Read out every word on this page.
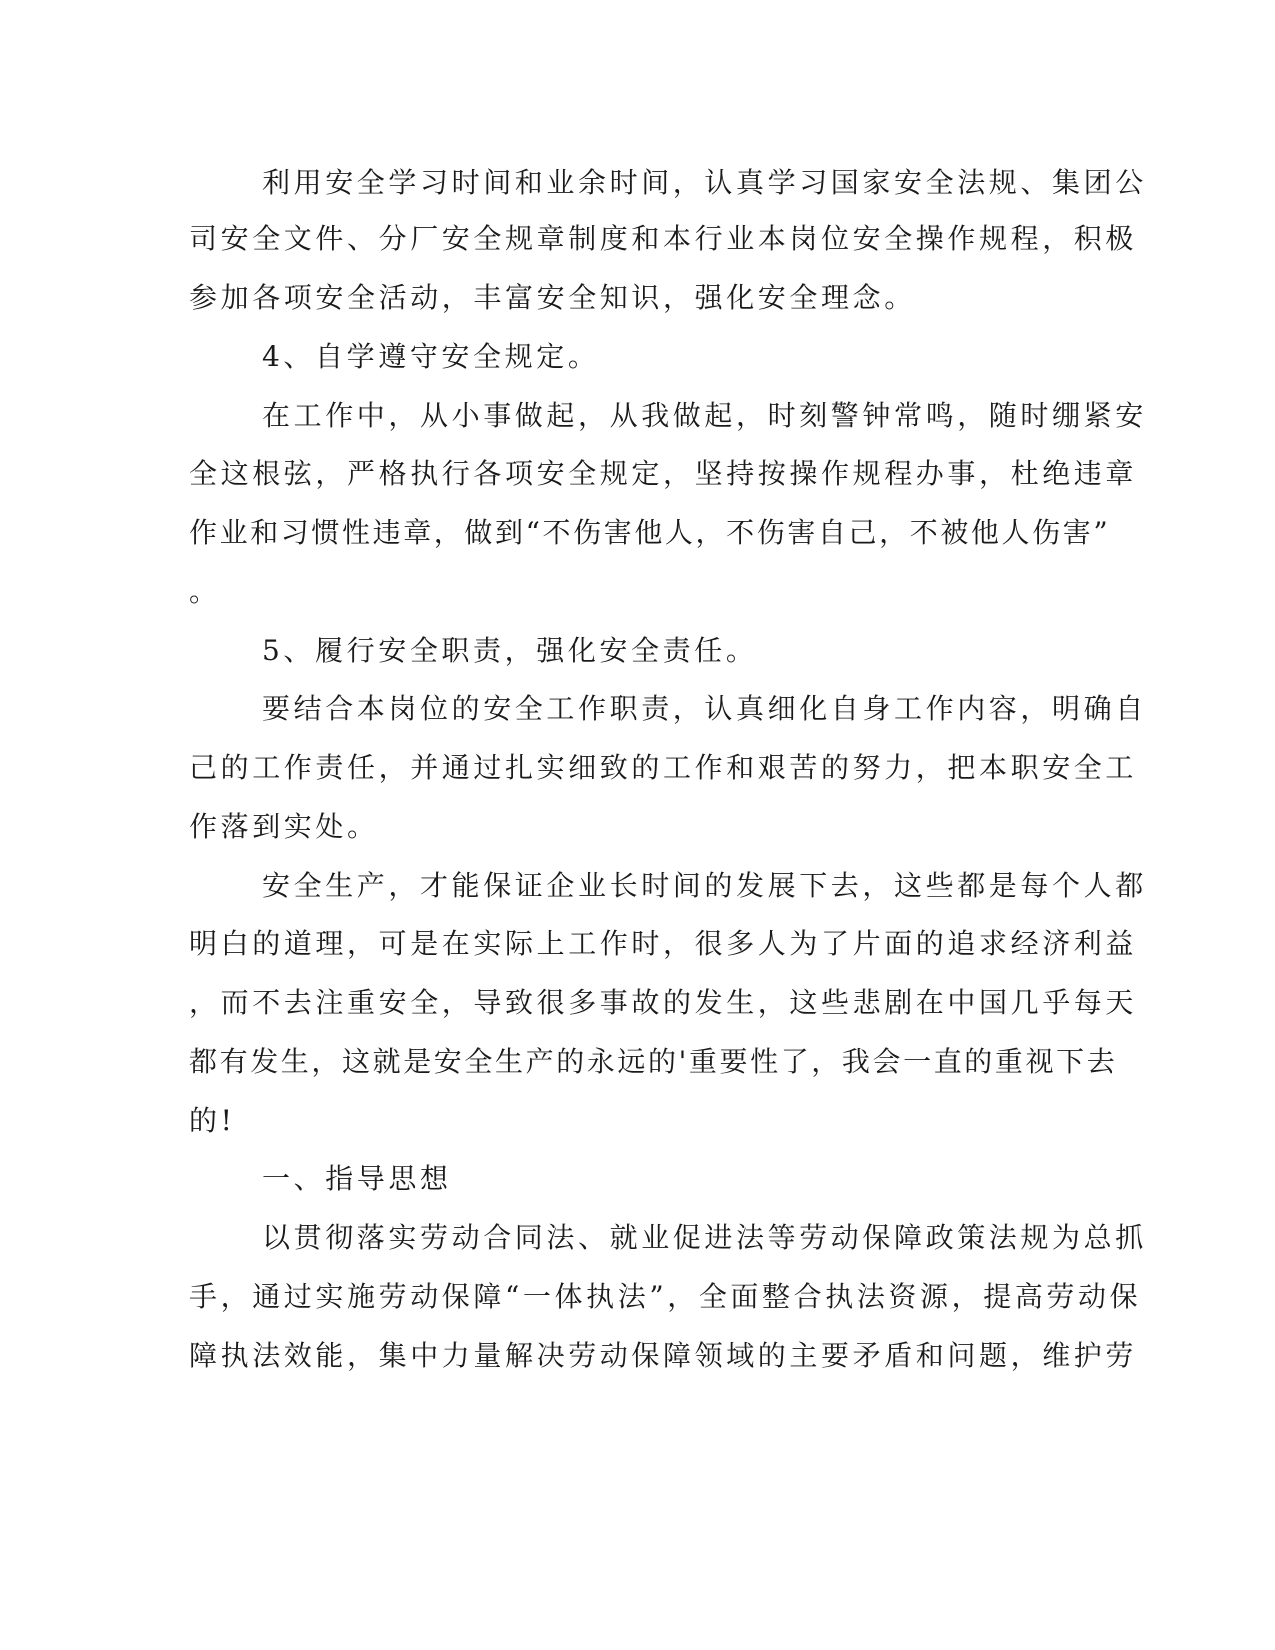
利用安全学习时间和业余时间，认真学习国家安全法规、集团公
司安全文件、分厂安全规章制度和本行业本岗位安全操作规程，积极
参加各项安全活动，丰富安全知识，强化安全理念。
4、自学遵守安全规定。
在工作中，从小事做起，从我做起，时刻警钟常鸣，随时绷紧安
全这根弦，严格执行各项安全规定，坚持按操作规程办事，杜绝违章
作业和习惯性违章，做到“不伤害他人，不伤害自己，不被他人伤害”
。
5、履行安全职责，强化安全责任。
要结合本岗位的安全工作职责，认真细化自身工作内容，明确自
己的工作责任，并通过扎实细致的工作和艰苦的努力，把本职安全工
作落到实处。
安全生产，才能保证企业长时间的发展下去，这些都是每个人都
明白的道理，可是在实际上工作时，很多人为了片面的追求经济利益
，而不去注重安全，导致很多事故的发生，这些悲剧在中国几乎每天
都有发生，这就是安全生产的永远的'重要性了，我会一直的重视下去
的!
一、指导思想
以贯彻落实劳动合同法、就业促进法等劳动保障政策法规为总抓
手，通过实施劳动保障“一体执法”，全面整合执法资源，提高劳动保
障执法效能，集中力量解决劳动保障领域的主要矛盾和问题，维护劳
